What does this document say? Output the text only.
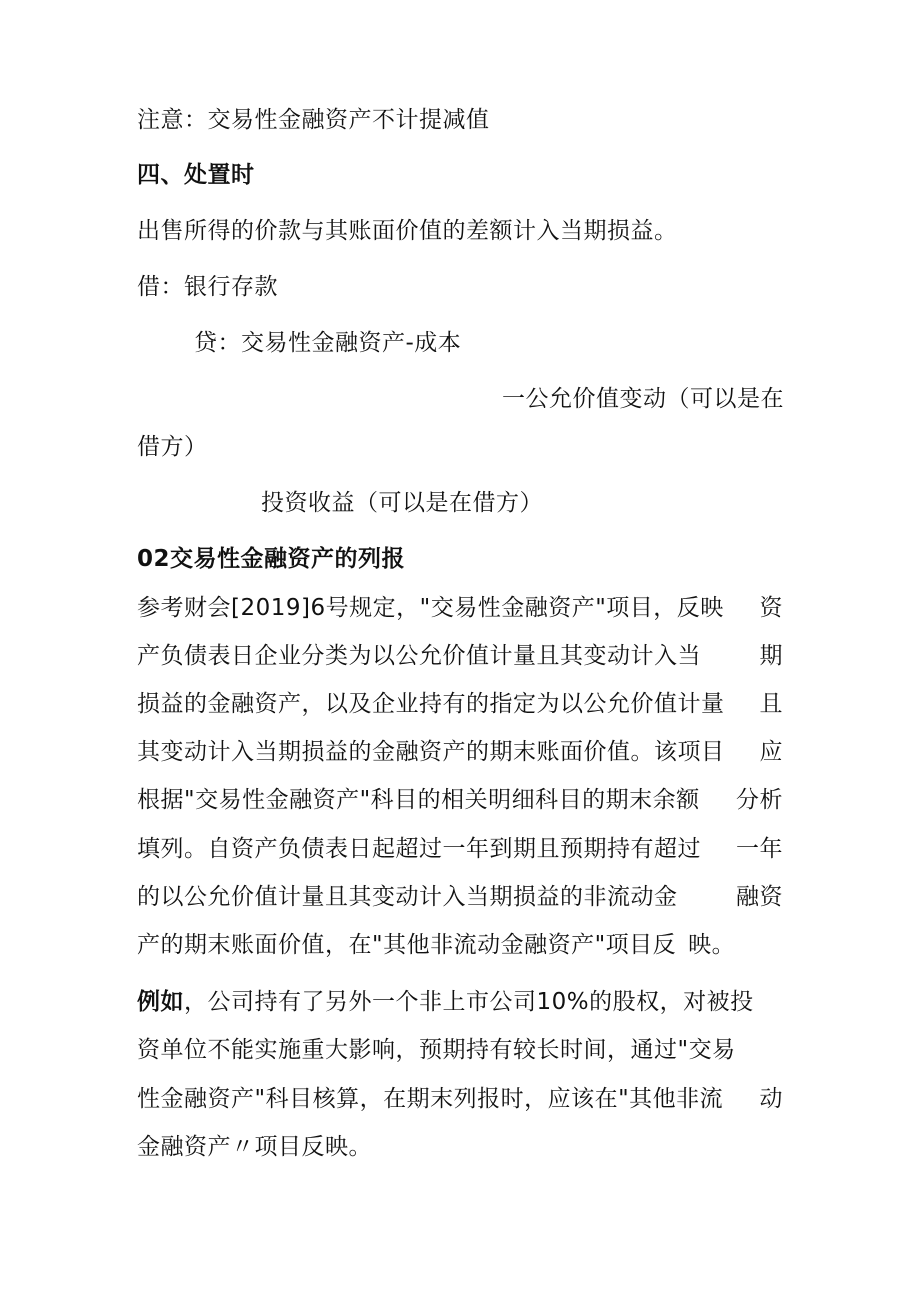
注意：交易性金融资产不计提减值
四、处置时
出售所得的价款与其账面价值的差额计入当期损益。
借：银行存款
贷：交易性金融资产-成本
一公允价值变动（可以是在
借方）
投资收益（可以是在借方）
02交易性金融资产的列报
参考财会[2019]6号规定，"交易性金融资产"项目，反映 资
产负债表日企业分类为以公允价值计量且其变动计入当	期
损益的金融资产，以及企业持有的指定为以公允价值计量 且
其变动计入当期损益的金融资产的期末账面价值。该项目 应
根据"交易性金融资产"科目的相关明细科目的期末余额 分析
填列。自资产负债表日起超过一年到期且预期持有超过 一年
的以公允价值计量且其变动计入当期损益的非流动金	融资
产的期末账面价值，在"其他非流动金融资产"项目反 映。
例如，公司持有了另外一个非上市公司10%的股权，对被投
资单位不能实施重大影响，预期持有较长时间，通过"交易
性金融资产"科目核算，在期末列报时，应该在"其他非流 动
金融资产〃项目反映。
